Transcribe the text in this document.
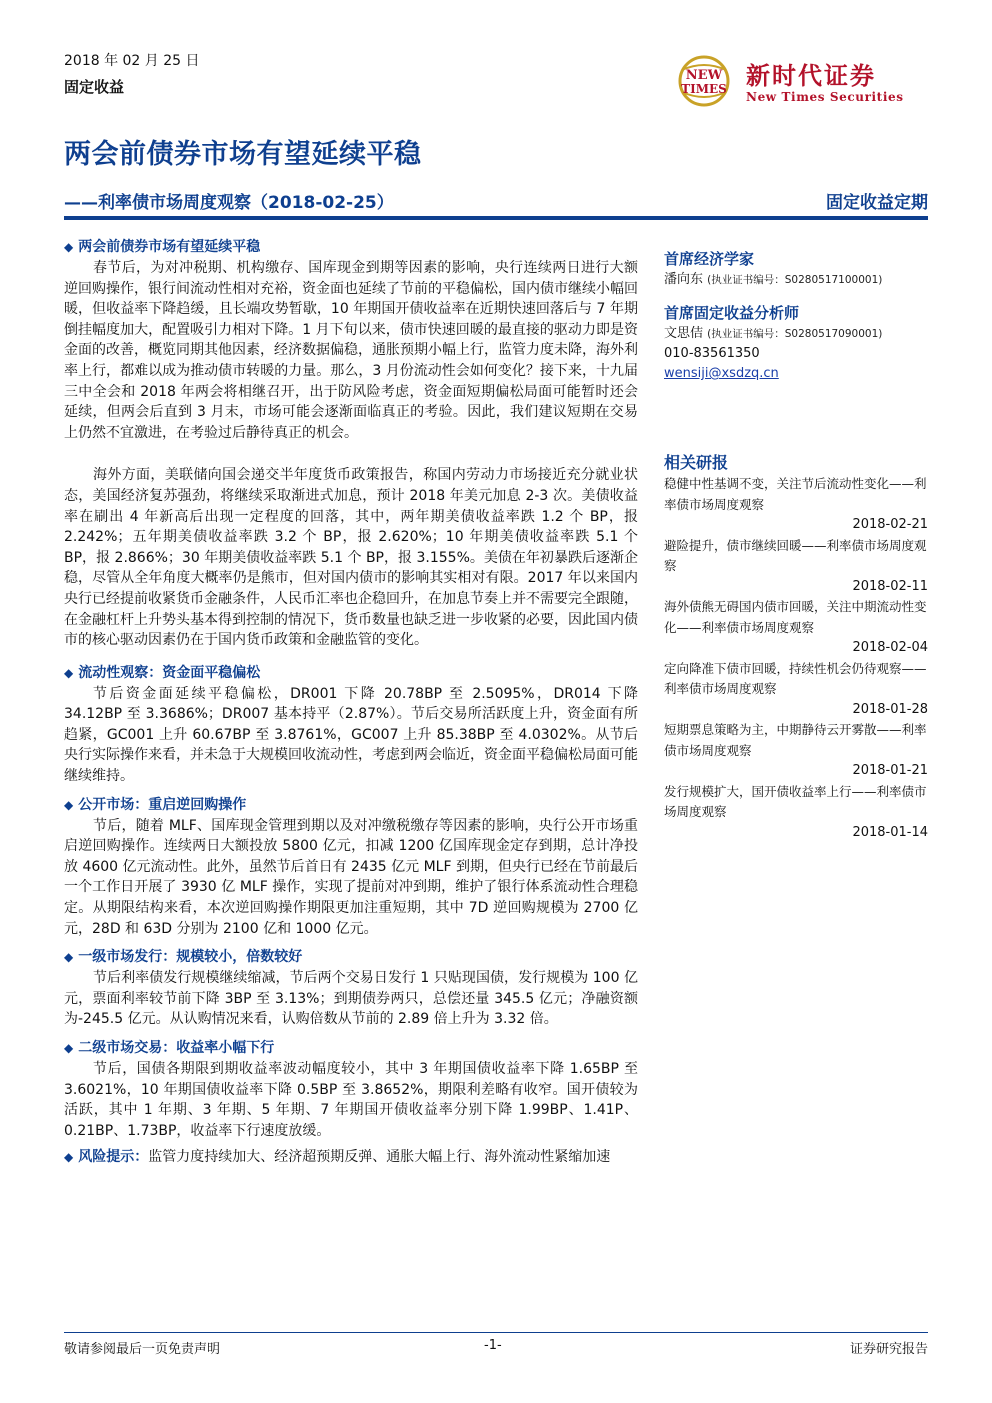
2018 年 02 月 25 日
固定收益
NEW
TIMES 新时代证券
New Times Securities
两会前债券市场有望延续平稳
——利率债市场周度观察（2018-02-25）	固定收益定期
◆ 两会前债券市场有望延续平稳

春节后，为对冲税期、机构缴存、国库现金到期等因素的影响，央行连续两日进行大额逆回购操作，银行间流动性相对充裕，资金面也延续了节前的平稳偏松，国内债市继续小幅回暖，但收益率下降趋缓，且长端攻势暂歇，10 年期国开债收益率在近期快速回落后与 7 年期倒挂幅度加大，配置吸引力相对下降。1 月下旬以来，债市快速回暖的最直接的驱动力即是资金面的改善，概览同期其他因素，经济数据偏稳，通胀预期小幅上行，监管力度未降，海外利率上行，都难以成为推动债市转暖的力量。那么，3 月份流动性会如何变化？接下来，十九届三中全会和 2018 年两会将相继召开，出于防风险考虑，资金面短期偏松局面可能暂时还会延续，但两会后直到 3 月末，市场可能会逐渐面临真正的考验。因此，我们建议短期在交易上仍然不宜激进，在考验过后静待真正的机会。

海外方面，美联储向国会递交半年度货币政策报告，称国内劳动力市场接近充分就业状态，美国经济复苏强劲，将继续采取渐进式加息，预计 2018 年美元加息 2-3 次。美债收益率在刷出 4 年新高后出现一定程度的回落，其中，两年期美债收益率跌 1.2 个 BP，报 2.242%；五年期美债收益率跌 3.2 个 BP，报 2.620%；10 年期美债收益率跌 5.1 个 BP，报 2.866%；30 年期美债收益率跌 5.1 个 BP，报 3.155%。美债在年初暴跌后逐渐企稳，尽管从全年角度大概率仍是熊市，但对国内债市的影响其实相对有限。2017 年以来国内央行已经提前收紧货币金融条件，人民币汇率也企稳回升，在加息节奏上并不需要完全跟随，在金融杠杆上升势头基本得到控制的情况下，货币数量也缺乏进一步收紧的必要，因此国内债市的核心驱动因素仍在于国内货币政策和金融监管的变化。

◆ 流动性观察：资金面平稳偏松

节后资金面延续平稳偏松，DR001 下降 20.78BP 至 2.5095%，DR014 下降 34.12BP 至 3.3686%；DR007 基本持平（2.87%）。节后交易所活跃度上升，资金面有所趋紧，GC001 上升 60.67BP 至 3.8761%，GC007 上升 85.38BP 至 4.0302%。从节后央行实际操作来看，并未急于大规模回收流动性，考虑到两会临近，资金面平稳偏松局面可能继续维持。

◆ 公开市场：重启逆回购操作

节后，随着 MLF、国库现金管理到期以及对冲缴税缴存等因素的影响，央行公开市场重启逆回购操作。连续两日大额投放 5800 亿元，扣减 1200 亿国库现金定存到期，总计净投放 4600 亿元流动性。此外，虽然节后首日有 2435 亿元 MLF 到期，但央行已经在节前最后一个工作日开展了 3930 亿 MLF 操作，实现了提前对冲到期，维护了银行体系流动性合理稳定。从期限结构来看，本次逆回购操作期限更加注重短期，其中 7D 逆回购规模为 2700 亿元，28D 和 63D 分别为 2100 亿和 1000 亿元。

◆ 一级市场发行：规模较小，倍数较好

节后利率债发行规模继续缩减，节后两个交易日发行 1 只贴现国债，发行规模为 100 亿元，票面利率较节前下降 3BP 至 3.13%；到期债券两只，总偿还量 345.5 亿元；净融资额为-245.5 亿元。从认购情况来看，认购倍数从节前的 2.89 倍上升为 3.32 倍。

◆ 二级市场交易：收益率小幅下行

节后，国债各期限到期收益率波动幅度较小，其中 3 年期国债收益率下降 1.65BP 至 3.6021%，10 年期国债收益率下降 0.5BP 至 3.8652%，期限利差略有收窄。国开债较为活跃，其中 1 年期、3 年期、5 年期、7 年期国开债收益率分别下降 1.99BP、1.41P、0.21BP、1.73BP，收益率下行速度放缓。

◆ 风险提示：监管力度持续加大、经济超预期反弹、通胀大幅上行、海外流动性紧缩加速
首席经济学家
潘向东 (执业证书编号：S0280517100001)
首席固定收益分析师
文思佶 (执业证书编号：S0280517090001)
010-83561350
wensiji@xsdzq.cn
相关研报
稳健中性基调不变，关注节后流动性变化——利率债市场周度观察
2018-02-21
避险提升，债市继续回暖——利率债市场周度观察
2018-02-11
海外债熊无碍国内债市回暖，关注中期流动性变化——利率债市场周度观察
2018-02-04
定向降准下债市回暖，持续性机会仍待观察——利率债市场周度观察
2018-01-28
短期票息策略为主，中期静待云开雾散——利率债市场周度观察
2018-01-21
发行规模扩大，国开债收益率上行——利率债市场周度观察
2018-01-14
敬请参阅最后一页免责声明	-1-	证券研究报告
